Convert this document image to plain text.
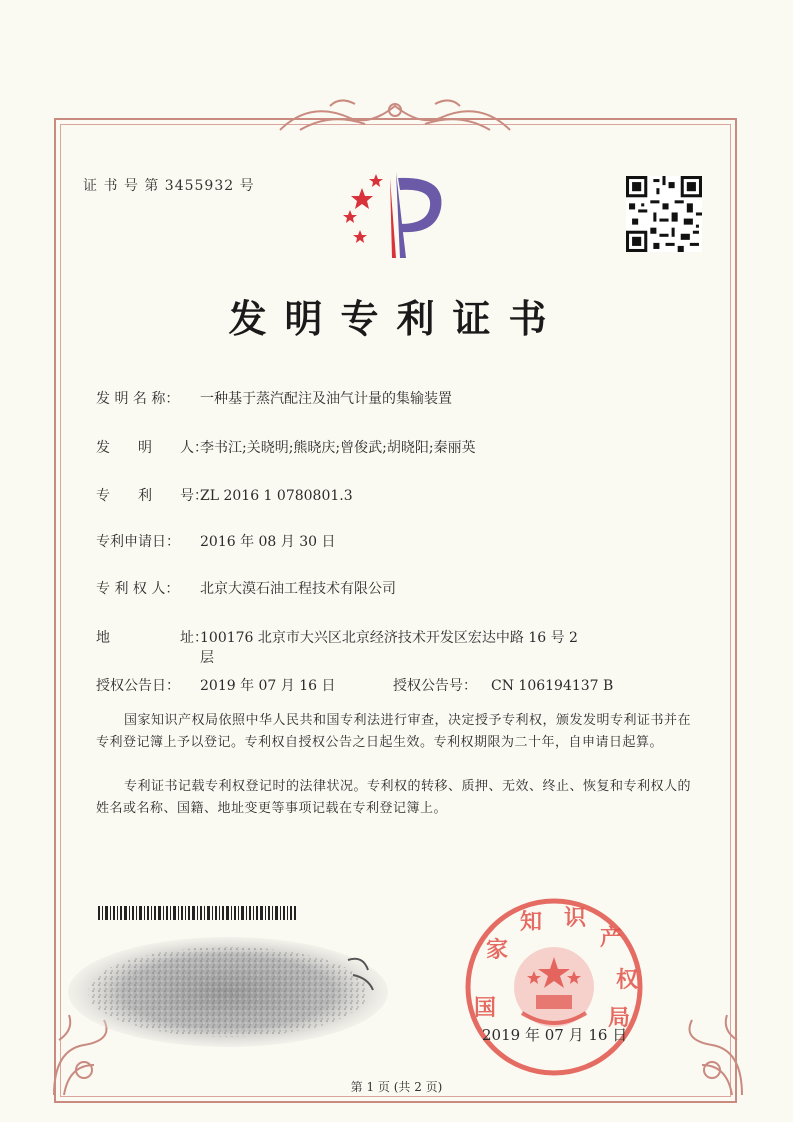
证 书 号 第 3455932 号
发明专利证书
发 明 名 称： 一种基于蒸汽配注及油气计量的集输装置
发　　明　　人：李书江;关晓明;熊晓庆;曾俊武;胡晓阳;秦丽英
专　　利　　号：ZL 2016 1 0780801.3
专利申请日： 2016 年 08 月 30 日
专 利 权 人： 北京大漠石油工程技术有限公司
地　　　　　址：100176 北京市大兴区北京经济技术开发区宏达中路 16 号 2
层
授权公告日： 2019 年 07 月 16 日	授权公告号： CN 106194137 B
国家知识产权局依照中华人民共和国专利法进行审查，决定授予专利权，颁发发明专利证书并在专利登记簿上予以登记。专利权自授权公告之日起生效。专利权期限为二十年，自申请日起算。
专利证书记载专利权登记时的法律状况。专利权的转移、质押、无效、终止、恢复和专利权人的姓名或名称、国籍、地址变更等事项记载在专利登记簿上。
国
家
知 识
产
权
局
2019 年 07 月 16 日
第 1 页 (共 2 页)
